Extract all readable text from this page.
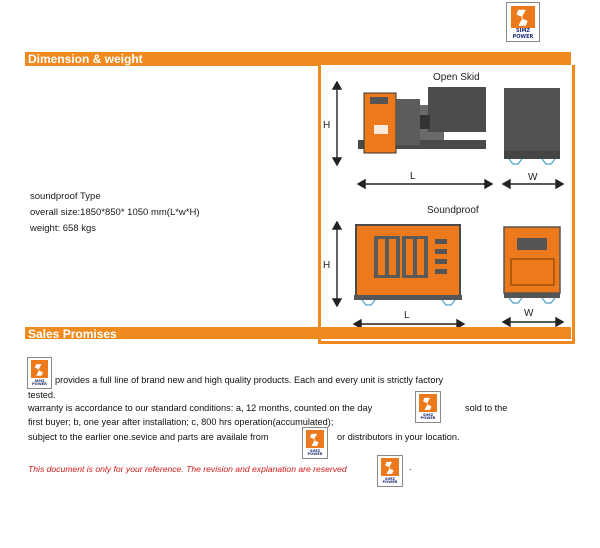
SIMZ
POWER
Dimension & weight
Open Skid
Soundproof
H
L	W
H
L	W
soundproof Type
overall size:1850*850* 1050 mm(L*w*H)
weight: 658 kgs
Sales Promises
SIMZ
POWER
SIMZ
POWER
SIMZ
POWER
SIMZ
POWER
provides a full line of brand new and high quality products. Each and every unit is strictly factory
tested.
warranty is accordance to our standard conditions: a, 12 months, counted on the day	sold to the
first buyer; b, one year after installation; c, 800 hrs operation(accumulated);
subject to the earlier one.sevice and parts are availale from	or distributors in your location.
This document is only for your reference. The revision and explanation are reserved	.
